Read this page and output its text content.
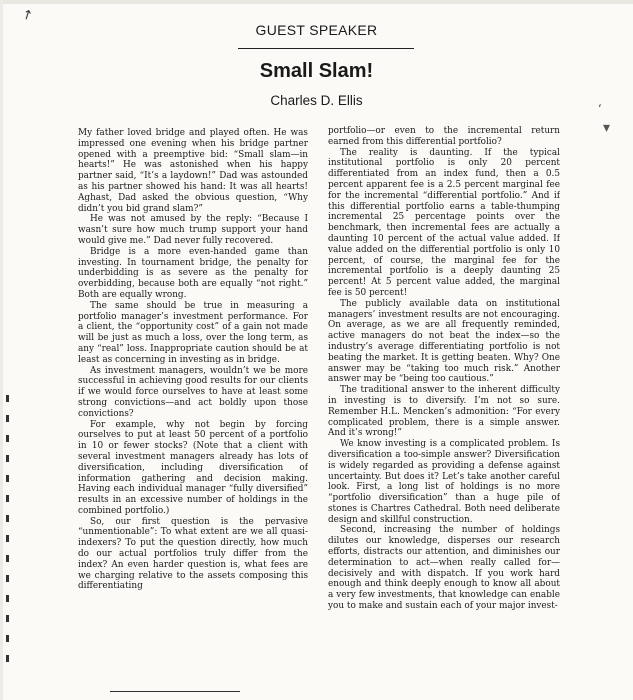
↗
GUEST SPEAKER
Small Slam!
Charles D. Ellis

My father loved bridge and played often. He was impressed one evening when his bridge partner opened with a preemptive bid: “Small slam—in hearts!” He was astonished when his happy partner said, “It’s a laydown!” Dad was astounded as his partner showed his hand: It was all hearts! Aghast, Dad asked the obvious question, “Why didn’t you bid grand slam?”

He was not amused by the reply: “Because I wasn’t sure how much trump support your hand would give me.” Dad never fully recovered.

Bridge is a more even-handed game than investing. In tournament bridge, the penalty for underbidding is as severe as the penalty for overbidding, because both are equally “not right.” Both are equally wrong.

The same should be true in measuring a portfolio manager’s investment performance. For a client, the “opportunity cost” of a gain not made will be just as much a loss, over the long term, as any “real” loss. Inappropriate caution should be at least as concerning in investing as in bridge.

As investment managers, wouldn’t we be more successful in achieving good results for our clients if we would force ourselves to have at least some strong convictions—and act boldly upon those convictions?

For example, why not begin by forcing ourselves to put at least 50 percent of a portfolio in 10 or fewer stocks? (Note that a client with several investment managers already has lots of diversification, including diversification of information gathering and decision making. Having each individual manager “fully diversified” results in an excessive number of holdings in the combined portfolio.)

So, our first question is the pervasive “unmentionable”: To what extent are we all quasi-indexers? To put the question directly, how much do our actual portfolios truly differ from the index? An even harder question is, what fees are we charging relative to the assets composing this differentiating

portfolio—or even to the incremental return earned from this differential portfolio?

The reality is daunting. If the typical institutional portfolio is only 20 percent differentiated from an index fund, then a 0.5 percent apparent fee is a 2.5 percent marginal fee for the incremental “differential portfolio.” And if this differential portfolio earns a table-thumping incremental 25 percentage points over the benchmark, then incremental fees are actually a daunting 10 percent of the actual value added. If value added on the differential portfolio is only 10 percent, of course, the marginal fee for the incremental portfolio is a deeply daunting 25 percent! At 5 percent value added, the marginal fee is 50 percent!

The publicly available data on institutional managers’ investment results are not encouraging. On average, as we are all frequently reminded, active managers do not beat the index—so the industry’s average differentiating portfolio is not beating the market. It is getting beaten. Why? One answer may be “taking too much risk.” Another answer may be “being too cautious.”

The traditional answer to the inherent difficulty in investing is to diversify. I’m not so sure. Remember H.L. Mencken’s admonition: “For every complicated problem, there is a simple answer. And it’s wrong!”

We know investing is a complicated problem. Is diversification a too-simple answer? Diversification is widely regarded as providing a defense against uncertainty. But does it? Let’s take another careful look. First, a long list of holdings is no more “portfolio diversification” than a huge pile of stones is Chartres Cathedral. Both need deliberate design and skillful construction.

Second, increasing the number of holdings dilutes our knowledge, disperses our research efforts, distracts our attention, and diminishes our determination to act—when really called for—decisively and with dispatch. If you work hard enough and think deeply enough to know all about a very few investments, that knowledge can enable you to make and sustain each of your major invest-

‘
▾
